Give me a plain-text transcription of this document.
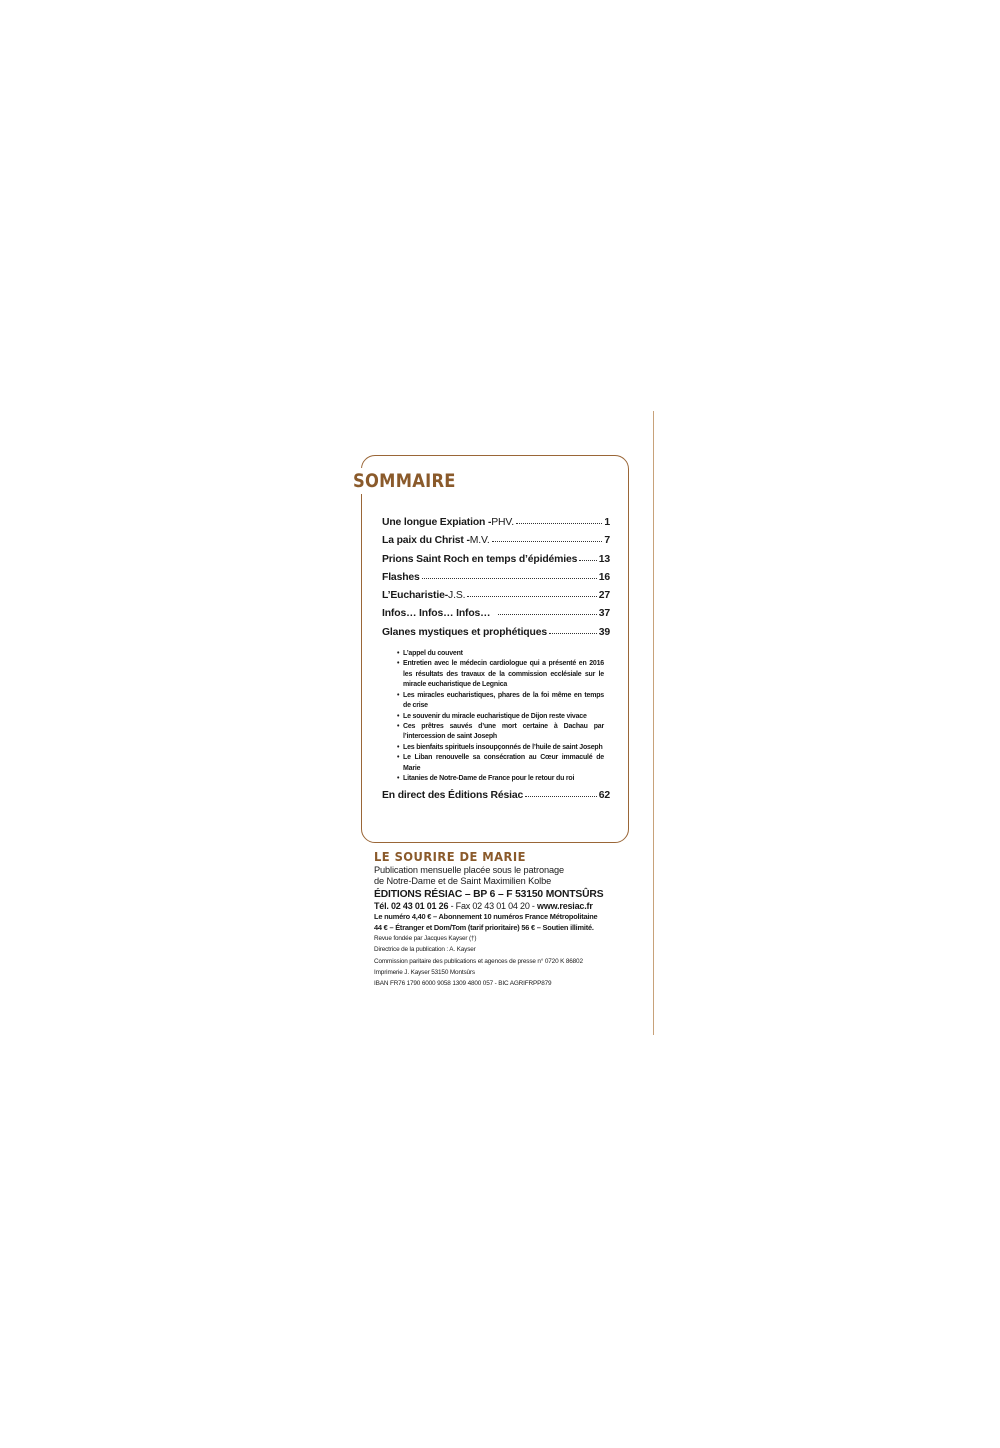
SOMMAIRE
Une longue Expiation - PHV.	1
La paix du Christ - M.V.	7
Prions Saint Roch en temps d’épidémies 13
Flashes	16
L’Eucharistie- J.S.	27
Infos… Infos… Infos…	37
Glanes mystiques et prophétiques	39
• L’appel du couvent
• Entretien avec le médecin cardiologue qui a présenté en 2016 les résultats des travaux de la commission ecclésiale sur le miracle eucharistique de Legnica
• Les miracles eucharistiques, phares de la foi même en temps de crise
• Le souvenir du miracle eucharistique de Dijon reste vivace
• Ces prêtres sauvés d’une mort certaine à Dachau par l’intercession de saint Joseph
• Les bienfaits spirituels insoupçonnés de l’huile de saint Joseph
• Le Liban renouvelle sa consécration au Cœur immaculé de Marie
• Litanies de Notre-Dame de France pour le retour du roi
En direct des Éditions Résiac	62
LE SOURIRE DE MARIE

Publication mensuelle placée sous le patronage

de Notre-Dame et de Saint Maximilien Kolbe

ÉDITIONS RÉSIAC – BP 6 – F 53150 MONTSÛRS

Tél. 02 43 01 01 26 - Fax 02 43 01 04 20 - www.resiac.fr

Le numéro 4,40 € – Abonnement 10 numéros France Métropolitaine

44 € – Étranger et Dom/Tom (tarif prioritaire) 56 € – Soutien illimité.

Revue fondée par Jacques Kayser (†)

Directrice de la publication : A. Kayser

Commission paritaire des publications et agences de presse n° 0720 K 86802

Imprimerie J. Kayser 53150 Montsûrs

IBAN FR76 1790 6000 9058 1309 4800 057 - BIC AGRIFRPP879
